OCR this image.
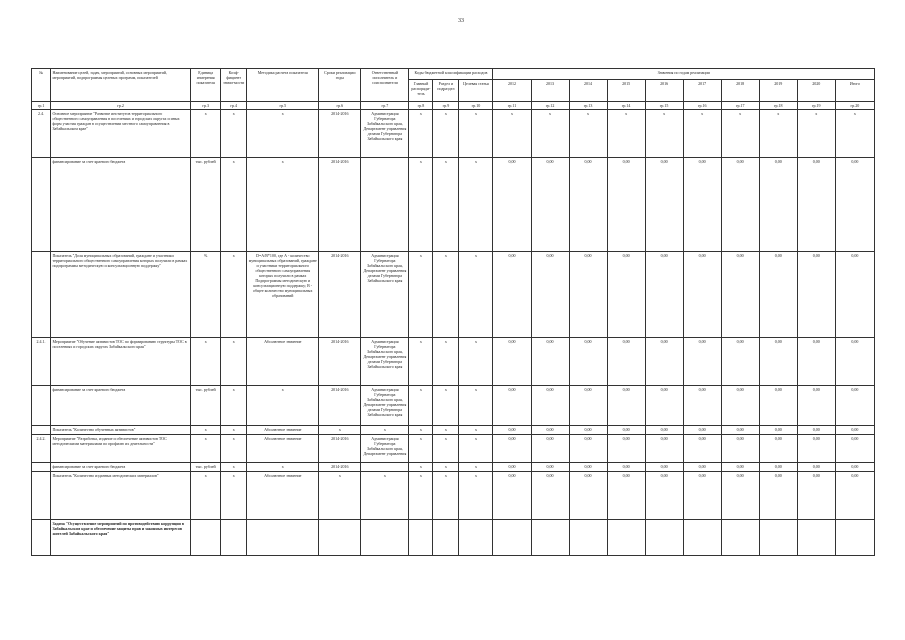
33
№	Наименование целей, задач, мероприятий, основных мероприятий, мероприятий, подпрограммы целевых программ, показателей	Единица измерения показателя	Коэф-фициент значи-мости	Методика расчета показателя	Сроки реализации годы	Ответственный исполнитель и соисполнители	Коды бюджетной классификации расходов			Значения по годам реализации									
							Главный распоряди-тель	Раздел и подраздел	Целевая статья	2012	2013	2014	2015	2016	2017	2018	2019	2020	Итого
гр.1	гр.2	гр.3	гр.4	гр.5	гр.6	гр.7	гр.8	гр.9	гр.10	гр.11	гр.12	гр.13	гр.14	гр.15	гр.16	гр.17	гр.18	гр.19	гр.20
2.4.	Основное мероприятие "Развитие институтов территориального общественного самоуправления в поселениях и городских округах и иных форм участия граждан в осуществлении местного самоуправления в Забайкальском крае"	х	х	х	2014-2016	Администрация Губернатора Забайкальского края, Департамент управления делами Губернатора Забайкальского края	х	х	х	х	х	х	х	х	х	х	х	х	х
	финансирование за счет краевого бюджета	тыс. рублей	х	х	2014-2016		х	х	х	0,00	0,00	0,00	0,00	0,00	0,00	0,00	0,00	0,00	0,00
	Показатель "Доля муниципальных образований, граждане и участники территориального общественного самоуправления которых получили в рамках подпрограммы методическую и консультационную поддержку"	%	х	D=A/B*100, где А - количество муниципальных образований, граждане и участники территориального общественного самоуправления которых получили в рамках Подпрограммы методическую и консультационную поддержку; В - общее количество муниципальных образований	2014-2016	Администрация Губернатора Забайкальского края, Департамент управления делами Губернатора Забайкальского края	х	х	х	0,00	0,00	0,00	0,00	0,00	0,00	0,00	0,00	0,00	0,00
2.4.1.	Мероприятие "Обучение активистов ТОС по формированию структуры ТОС в поселениях и городских округах Забайкальского края"	х	х	Абсолютное значение	2014-2016	Администрация Губернатора Забайкальского края, Департамент управления делами Губернатора Забайкальского края	х	х	х	0,00	0,00	0,00	0,00	0,00	0,00	0,00	0,00	0,00	0,00
	финансирование за счет краевого бюджета	тыс. рублей	х	х	2014-2016	Администрация Губернатора Забайкальского края, Департамент управления делами Губернатора Забайкальского края	х	х	х	0,00	0,00	0,00	0,00	0,00	0,00	0,00	0,00	0,00	0,00
	Показатель "Количество обученных активистов"	х	х	Абсолютное значение	х	х	х	х	х	0,00	0,00	0,00	0,00	0,00	0,00	0,00	0,00	0,00	0,00
2.4.2.	Мероприятие "Разработка, издание и обеспечение активистов ТОС методическими материалами по профилю их деятельности"	х	х	Абсолютное значение	2014-2016	Администрация Губернатора Забайкальского края, Департамент управления	х	х	х	0,00	0,00	0,00	0,00	0,00	0,00	0,00	0,00	0,00	0,00
	финансирование за счет краевого бюджета	тыс. рублей	х	х	2014-2016		х	х	х	0,00	0,00	0,00	0,00	0,00	0,00	0,00	0,00	0,00	0,00
	Показатель "Количество изданных методических материалов"	х	х	Абсолютное значение	х	х	х	х	х	0,00	0,00	0,00	0,00	0,00	0,00	0,00	0,00	0,00	0,00
	Задача "Осуществление мероприятий по противодействию коррупции в Забайкальском крае и обеспечение защиты прав и законных интересов жителей Забайкальского края"																		
